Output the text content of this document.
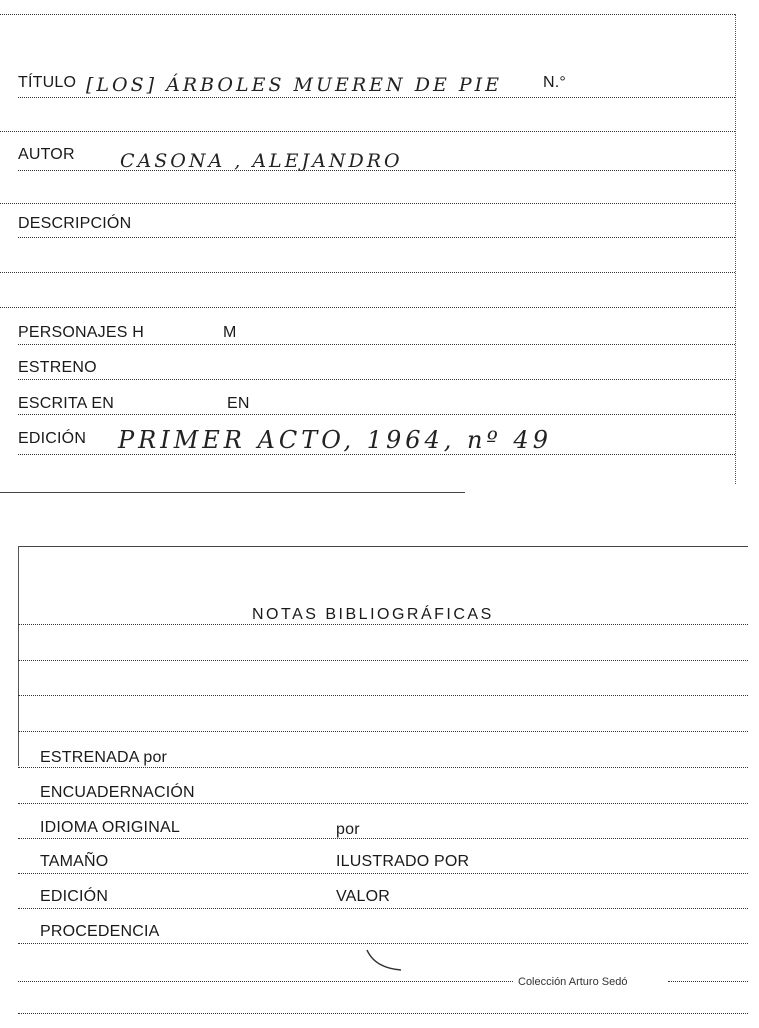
TÍTULO [LOS] ÁRBOLES MUEREN DE PIE	N.°
AUTOR CASONA , ALEJANDRO
DESCRIPCIÓN
PERSONAJES H	M
ESTRENO
ESCRITA EN	EN
EDICIÓN PRIMER ACTO, 1964, nº 49
NOTAS BIBLIOGRÁFICAS
ESTRENADA por
ENCUADERNACIÓN
IDIOMA ORIGINAL	por
TAMAÑO	ILUSTRADO POR
EDICIÓN	VALOR
PROCEDENCIA
Colección Arturo Sedó
